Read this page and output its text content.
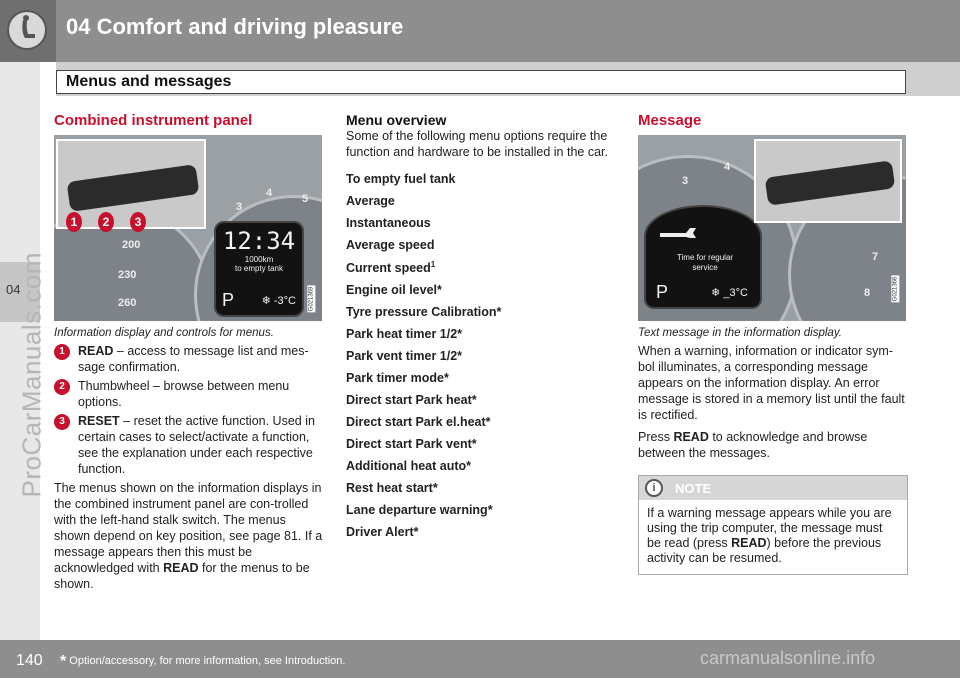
04 Comfort and driving pleasure
Menus and messages
04
ProCarManuals.com
Combined instrument panel
200
230
260
3
4	5
12:34
1000km
to empty tank
P	❄ -3°C
1	2	3
G021369
Information display and controls for menus.
1	READ – access to message list and mes-sage confirmation.
2	Thumbwheel – browse between menu options.
3	RESET – reset the active function. Used in certain cases to select/activate a function, see the explanation under each respective function.

The menus shown on the information displays in the combined instrument panel are con-trolled with the left-hand stalk switch. The menus shown depend on key position, see page 81. If a message appears then this must be acknowledged with READ for the menus to be shown.

Menu overview

Some of the following menu options require the function and hardware to be installed in the car.

To empty fuel tank
Average
Instantaneous
Average speed
Current speed$^1$
Engine oil level*
Tyre pressure Calibration*
Park heat timer 1/2*
Park vent timer 1/2*
Park timer mode*
Direct start Park heat*
Direct start Park el.heat*
Direct start Park vent*
Additional heat auto*
Rest heat start*
Lane departure warning*
Driver Alert*
Message
3
4
7
8
Time for regular
service
P	❄ _3°C	G021366
Text message in the information display.

When a warning, information or indicator sym-bol illuminates, a corresponding message appears on the information display. An error message is stored in a memory list until the fault is rectified.

Press READ to acknowledge and browse between the messages.

i	NOTE
If a warning message appears while you are using the trip computer, the message must be read (press READ) before the previous activity can be resumed.
140 * Option/accessory, for more information, see Introduction.	carmanualsonline.info
